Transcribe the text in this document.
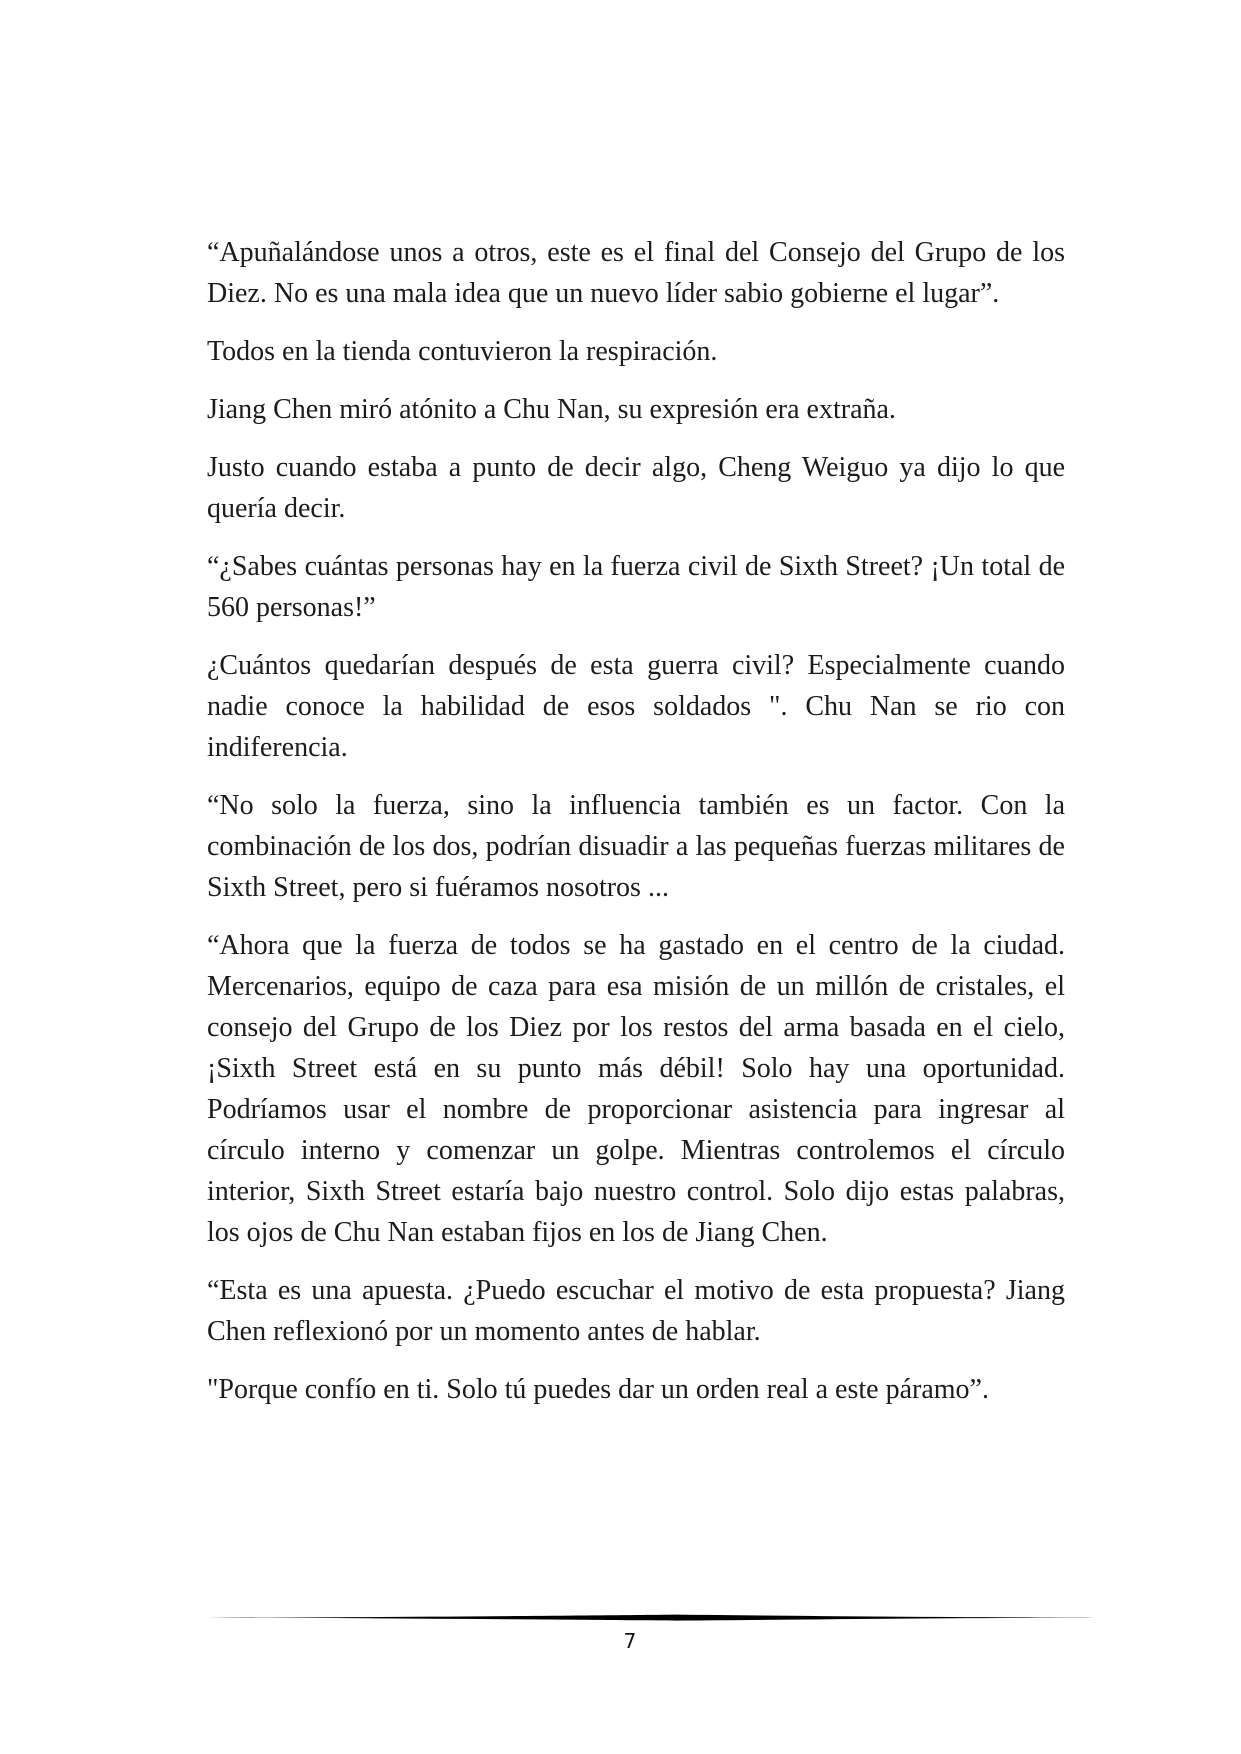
“Apuñalándose unos a otros, este es el final del Consejo del Grupo de los Diez. No es una mala idea que un nuevo líder sabio gobierne el lugar”.

Todos en la tienda contuvieron la respiración.

Jiang Chen miró atónito a Chu Nan, su expresión era extraña.

Justo cuando estaba a punto de decir algo, Cheng Weiguo ya dijo lo que quería decir.

“¿Sabes cuántas personas hay en la fuerza civil de Sixth Street? ¡Un total de 560 personas!”

¿Cuántos quedarían después de esta guerra civil? Especialmente cuando nadie conoce la habilidad de esos soldados ". Chu Nan se rio con indiferencia.

“No solo la fuerza, sino la influencia también es un factor. Con la combinación de los dos, podrían disuadir a las pequeñas fuerzas militares de Sixth Street, pero si fuéramos nosotros ...

“Ahora que la fuerza de todos se ha gastado en el centro de la ciudad. Mercenarios, equipo de caza para esa misión de un millón de cristales, el consejo del Grupo de los Diez por los restos del arma basada en el cielo, ¡Sixth Street está en su punto más débil! Solo hay una oportunidad. Podríamos usar el nombre de proporcionar asistencia para ingresar al círculo interno y comenzar un golpe. Mientras controlemos el círculo interior, Sixth Street estaría bajo nuestro control. Solo dijo estas palabras, los ojos de Chu Nan estaban fijos en los de Jiang Chen.

“Esta es una apuesta. ¿Puedo escuchar el motivo de esta propuesta? Jiang Chen reflexionó por un momento antes de hablar.

"Porque confío en ti. Solo tú puedes dar un orden real a este páramo”.

7
